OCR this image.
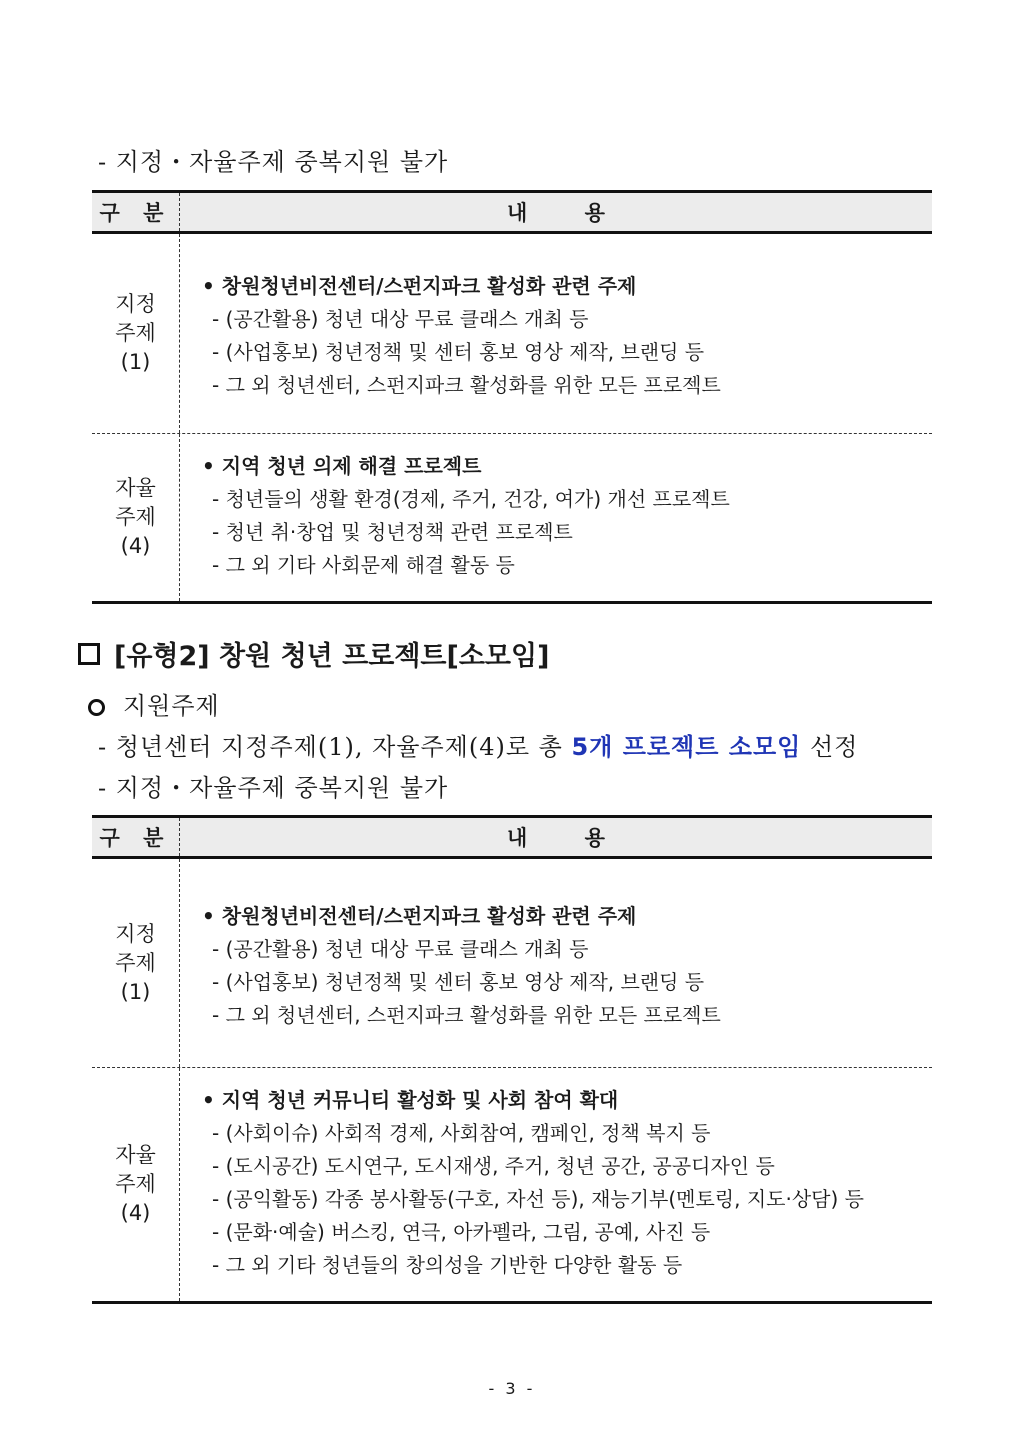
- 지정・자율주제 중복지원 불가
구 분	내 용
지정
주제
(1)
• 창원청년비전센터/스펀지파크 활성화 관련 주제
- (공간활용) 청년 대상 무료 클래스 개최 등
- (사업홍보) 청년정책 및 센터 홍보 영상 제작, 브랜딩 등
- 그 외 청년센터, 스펀지파크 활성화를 위한 모든 프로젝트
자율
주제
(4)
• 지역 청년 의제 해결 프로젝트
- 청년들의 생활 환경(경제, 주거, 건강, 여가) 개선 프로젝트
- 청년 취·창업 및 청년정책 관련 프로젝트
- 그 외 기타 사회문제 해결 활동 등
[유형2] 창원 청년 프로젝트[소모임]
지원주제
- 청년센터 지정주제(1), 자율주제(4)로 총 5개 프로젝트 소모임 선정
- 지정・자율주제 중복지원 불가
구 분	내 용
지정
주제
(1)
• 창원청년비전센터/스펀지파크 활성화 관련 주제
- (공간활용) 청년 대상 무료 클래스 개최 등
- (사업홍보) 청년정책 및 센터 홍보 영상 제작, 브랜딩 등
- 그 외 청년센터, 스펀지파크 활성화를 위한 모든 프로젝트
자율
주제
(4)
• 지역 청년 커뮤니티 활성화 및 사회 참여 확대
- (사회이슈) 사회적 경제, 사회참여, 캠페인, 정책 복지 등
- (도시공간) 도시연구, 도시재생, 주거, 청년 공간, 공공디자인 등
- (공익활동) 각종 봉사활동(구호, 자선 등), 재능기부(멘토링, 지도·상담) 등
- (문화·예술) 버스킹, 연극, 아카펠라, 그림, 공예, 사진 등
- 그 외 기타 청년들의 창의성을 기반한 다양한 활동 등
- 3 -
